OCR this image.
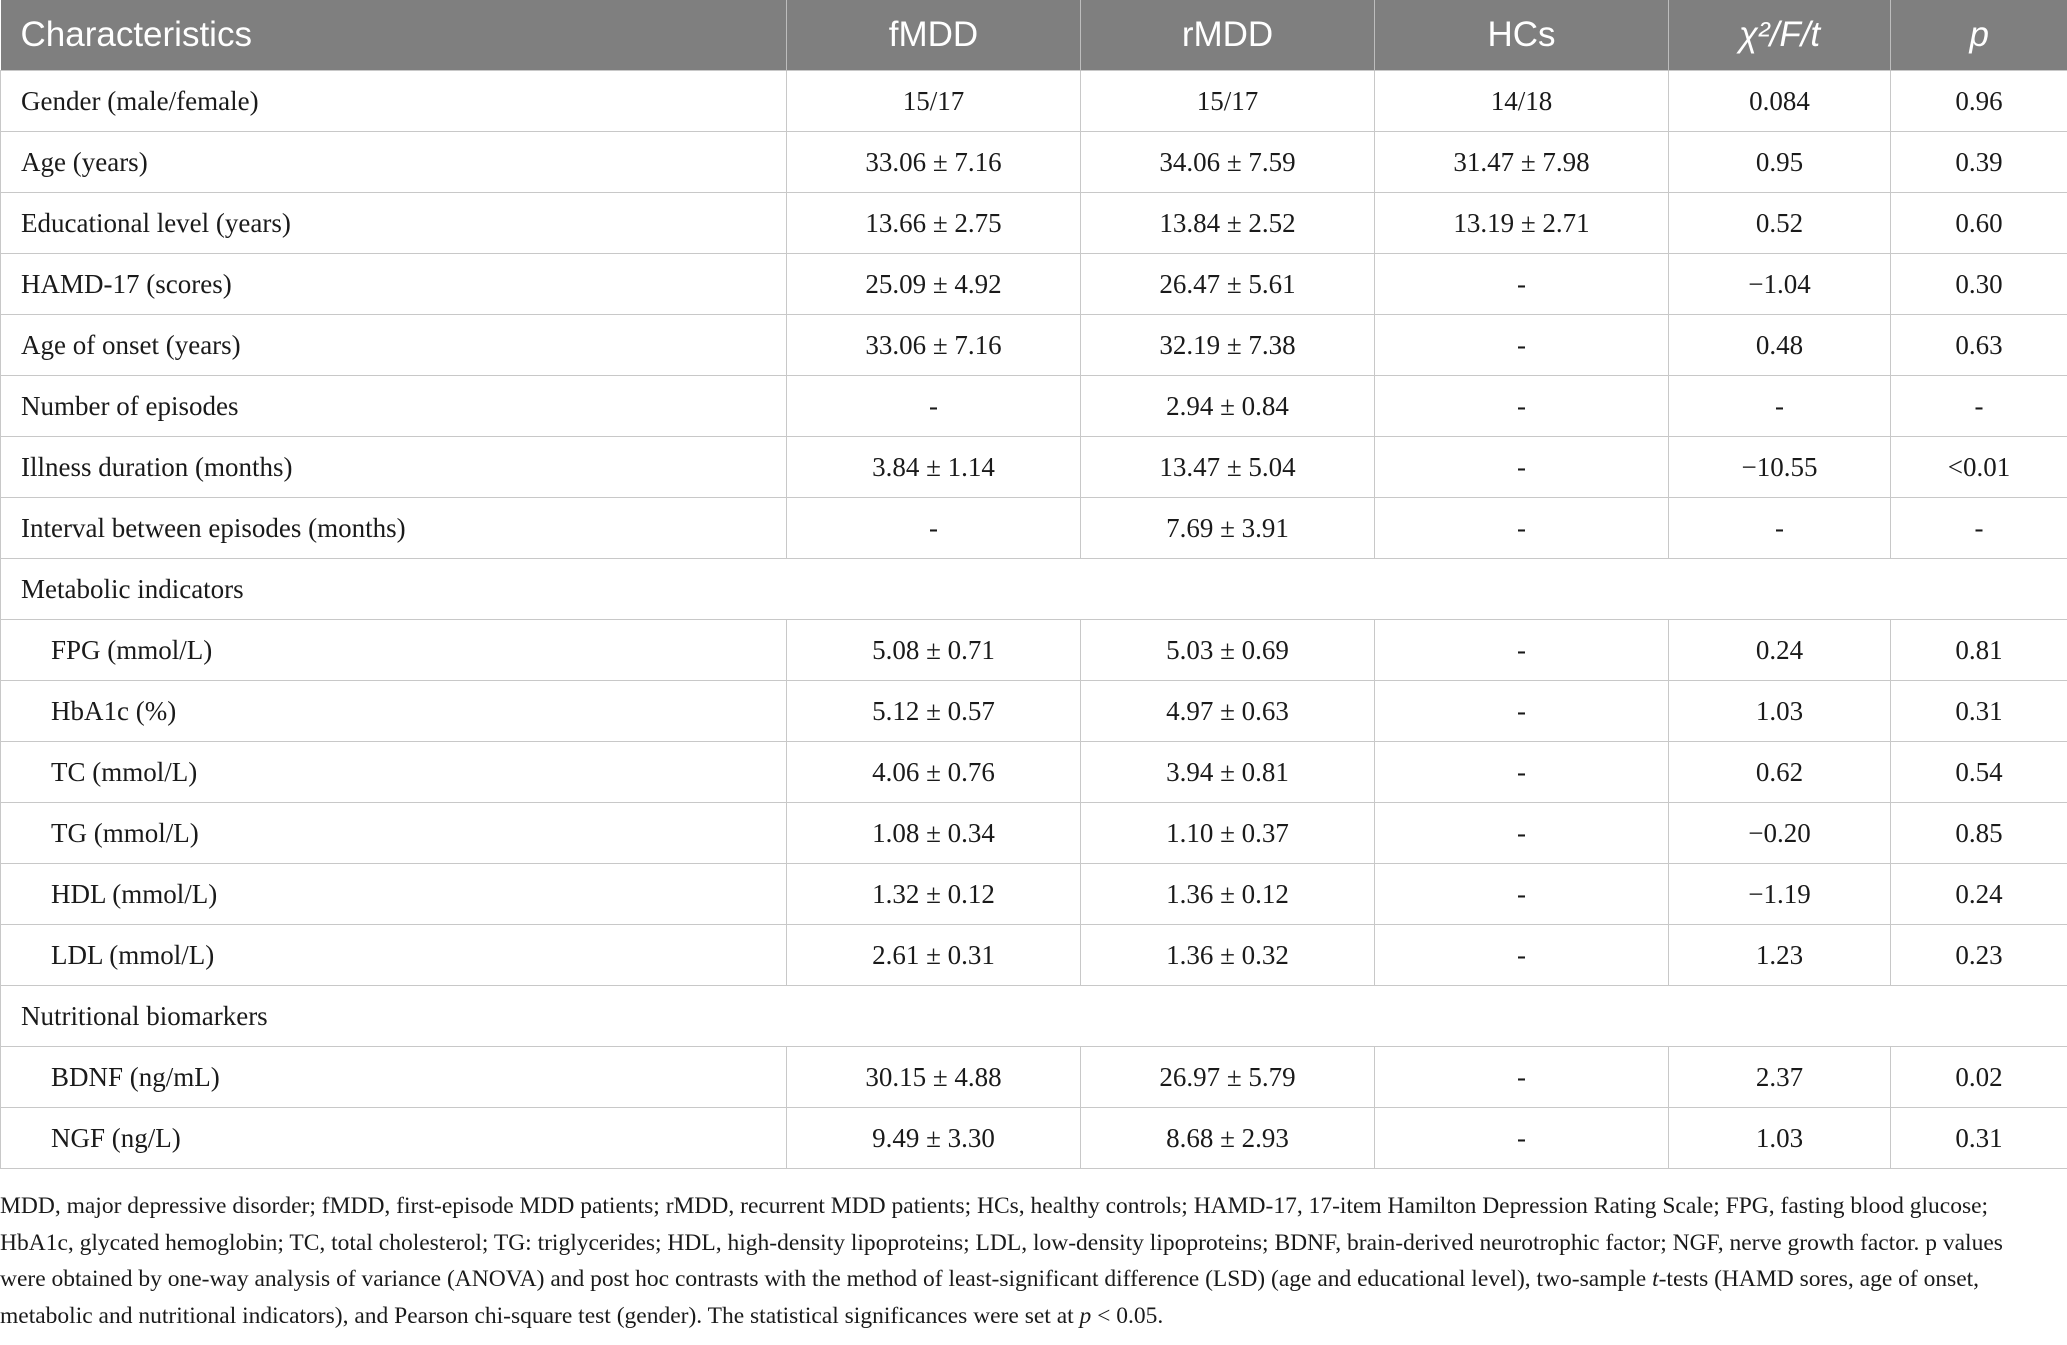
Characteristics	fMDD	rMDD	HCs	χ²/F/t	p
Gender (male/female)	15/17	15/17	14/18	0.084	0.96
Age (years)	33.06 ± 7.16	34.06 ± 7.59	31.47 ± 7.98	0.95	0.39
Educational level (years)	13.66 ± 2.75	13.84 ± 2.52	13.19 ± 2.71	0.52	0.60
HAMD-17 (scores)	25.09 ± 4.92	26.47 ± 5.61	-	−1.04	0.30
Age of onset (years)	33.06 ± 7.16	32.19 ± 7.38	-	0.48	0.63
Number of episodes	-	2.94 ± 0.84	-	-	-
Illness duration (months)	3.84 ± 1.14	13.47 ± 5.04	-	−10.55	<0.01
Interval between episodes (months)	-	7.69 ± 3.91	-	-	-
Metabolic indicators					
FPG (mmol/L)	5.08 ± 0.71	5.03 ± 0.69	-	0.24	0.81
HbA1c (%)	5.12 ± 0.57	4.97 ± 0.63	-	1.03	0.31
TC (mmol/L)	4.06 ± 0.76	3.94 ± 0.81	-	0.62	0.54
TG (mmol/L)	1.08 ± 0.34	1.10 ± 0.37	-	−0.20	0.85
HDL (mmol/L)	1.32 ± 0.12	1.36 ± 0.12	-	−1.19	0.24
LDL (mmol/L)	2.61 ± 0.31	1.36 ± 0.32	-	1.23	0.23
Nutritional biomarkers					
BDNF (ng/mL)	30.15 ± 4.88	26.97 ± 5.79	-	2.37	0.02
NGF (ng/L)	9.49 ± 3.30	8.68 ± 2.93	-	1.03	0.31
MDD, major depressive disorder; fMDD, first-episode MDD patients; rMDD, recurrent MDD patients; HCs, healthy controls; HAMD-17, 17-item Hamilton Depression Rating Scale; FPG, fasting blood glucose; HbA1c, glycated hemoglobin; TC, total cholesterol; TG: triglycerides; HDL, high-density lipoproteins; LDL, low-density lipoproteins; BDNF, brain-derived neurotrophic factor; NGF, nerve growth factor. p values were obtained by one-way analysis of variance (ANOVA) and post hoc contrasts with the method of least-significant difference (LSD) (age and educational level), two-sample t-tests (HAMD sores, age of onset, metabolic and nutritional indicators), and Pearson chi-square test (gender). The statistical significances were set at p < 0.05.
